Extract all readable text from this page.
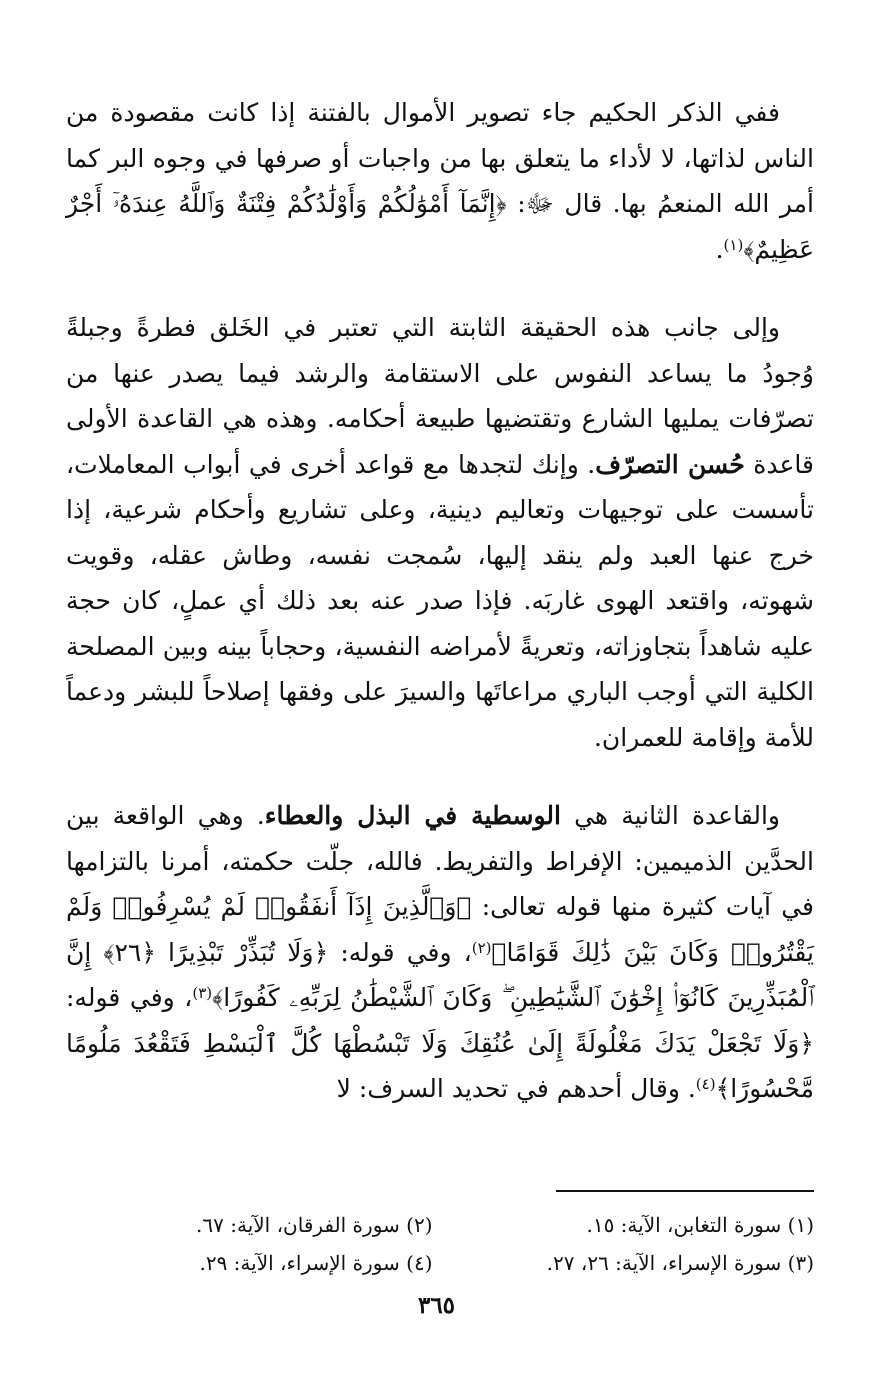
ففي الذكر الحكيم جاء تصوير الأموال بالفتنة إذا كانت مقصودة من الناس لذاتها، لا لأداء ما يتعلق بها من واجبات أو صرفها في وجوه البر كما أمر الله المنعمُ بها. قال ﷻ: ﴿إِنَّمَآ أَمْوَٰلُكُمْ وَأَوْلَٰدُكُمْ فِتْنَةٌ وَٱللَّهُ عِندَهُۥٓ أَجْرٌ عَظِيمٌ﴾$^{(١)}$.

وإلى جانب هذه الحقيقة الثابتة التي تعتبر في الخَلق فطرةً وجبلةً وُجودُ ما يساعد النفوس على الاستقامة والرشد فيما يصدر عنها من تصرّفات يمليها الشارع وتقتضيها طبيعة أحكامه. وهذه هي القاعدة الأولى قاعدة حُسن التصرّف. وإنك لتجدها مع قواعد أخرى في أبواب المعاملات، تأسست على توجيهات وتعاليم دينية، وعلى تشاريع وأحكام شرعية، إذا خرج عنها العبد ولم ينقد إليها، سُمجت نفسه، وطاش عقله، وقويت شهوته، واقتعد الهوى غاربَه. فإذا صدر عنه بعد ذلك أي عملٍ، كان حجة عليه شاهداً بتجاوزاته، وتعريةً لأمراضه النفسية، وحجاباً بينه وبين المصلحة الكلية التي أوجب الباري مراعاتَها والسيرَ على وفقها إصلاحاً للبشر ودعماً للأمة وإقامة للعمران.

والقاعدة الثانية هي الوسطية في البذل والعطاء. وهي الواقعة بين الحدَّين الذميمين: الإفراط والتفريط. فالله، جلّت حكمته، أمرنا بالتزامها في آيات كثيرة منها قوله تعالى: ﴿وَٱلَّذِينَ إِذَآ أَنفَقُوا۟ لَمْ يُسْرِفُوا۟ وَلَمْ يَقْتُرُوا۟ وَكَانَ بَيْنَ ذَٰلِكَ قَوَامًا﴾$^{(٢)}$، وفي قوله: ﴿وَلَا تُبَذِّرْ تَبْذِيرًا ﴿٢٦﴾ إِنَّ ٱلْمُبَذِّرِينَ كَانُوٓا۟ إِخْوَٰنَ ٱلشَّيَٰطِينِ ۖ وَكَانَ ٱلشَّيْطَٰنُ لِرَبِّهِۦ كَفُورًا﴾$^{(٣)}$، وفي قوله: ﴿وَلَا تَجْعَلْ يَدَكَ مَغْلُولَةً إِلَىٰ عُنُقِكَ وَلَا تَبْسُطْهَا كُلَّ ٱلْبَسْطِ فَتَقْعُدَ مَلُومًا مَّحْسُورًا﴾$^{(٤)}$. وقال أحدهم في تحديد السرف: لا

(١) سورة التغابن، الآية: ١٥.
(٢) سورة الفرقان، الآية: ٦٧.
(٣) سورة الإسراء، الآية: ٢٦، ٢٧.
(٤) سورة الإسراء، الآية: ٢٩.
٣٦٥
